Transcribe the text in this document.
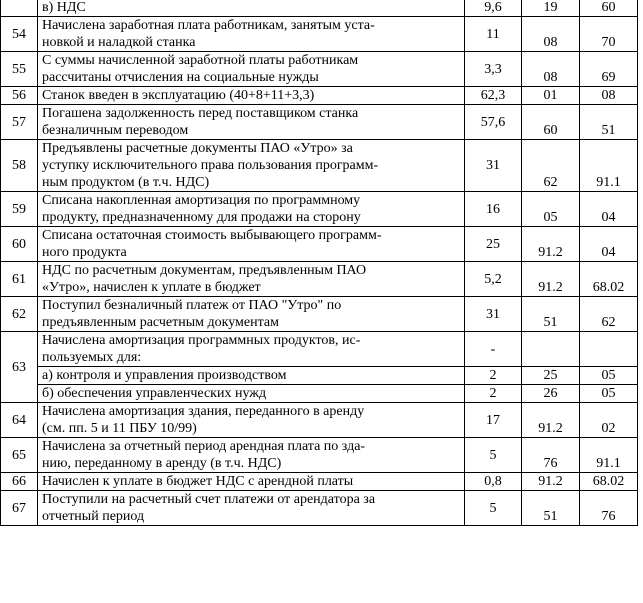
	в) НДС	9,6	19	60
54	Начислена заработная плата работникам, занятым уста-
новкой и наладкой станка	11	08	70
55	С суммы начисленной заработной платы работникам
рассчитаны отчисления на социальные нужды	3,3	08	69
56	Станок введен в эксплуатацию (40+8+11+3,3)	62,3	01	08
57	Погашена задолженность перед поставщиком станка
безналичным переводом	57,6	60	51
58	Предъявлены расчетные документы ПАО «Утро» за
уступку исключительного права пользования программ-
ным продуктом (в т.ч. НДС)	31	62	91.1
59	Списана накопленная амортизация по программному
продукту, предназначенному для продажи на сторону	16	05	04
60	Списана остаточная стоимость выбывающего программ-
ного продукта	25	91.2	04
61	НДС по расчетным документам, предъявленным ПАО
«Утро», начислен к уплате в бюджет	5,2	91.2	68.02
62	Поступил безналичный платеж от ПАО "Утро" по
предъявленным расчетным документам	31	51	62
63	Начислена амортизация программных продуктов, ис-
пользуемых для:	-		

	а) контроля и управления производством	2	25	05

	б) обеспечения управленческих нужд	2	26	05
64	Начислена амортизация здания, переданного в аренду
(см. пп. 5 и 11 ПБУ 10/99)	17	91.2	02
65	Начислена за отчетный период арендная плата по зда-
нию, переданному в аренду (в т.ч. НДС)	5	76	91.1
66	Начислен к уплате в бюджет НДС с арендной платы	0,8	91.2	68.02
67	Поступили на расчетный счет платежи от арендатора за
отчетный период	5	51	76
